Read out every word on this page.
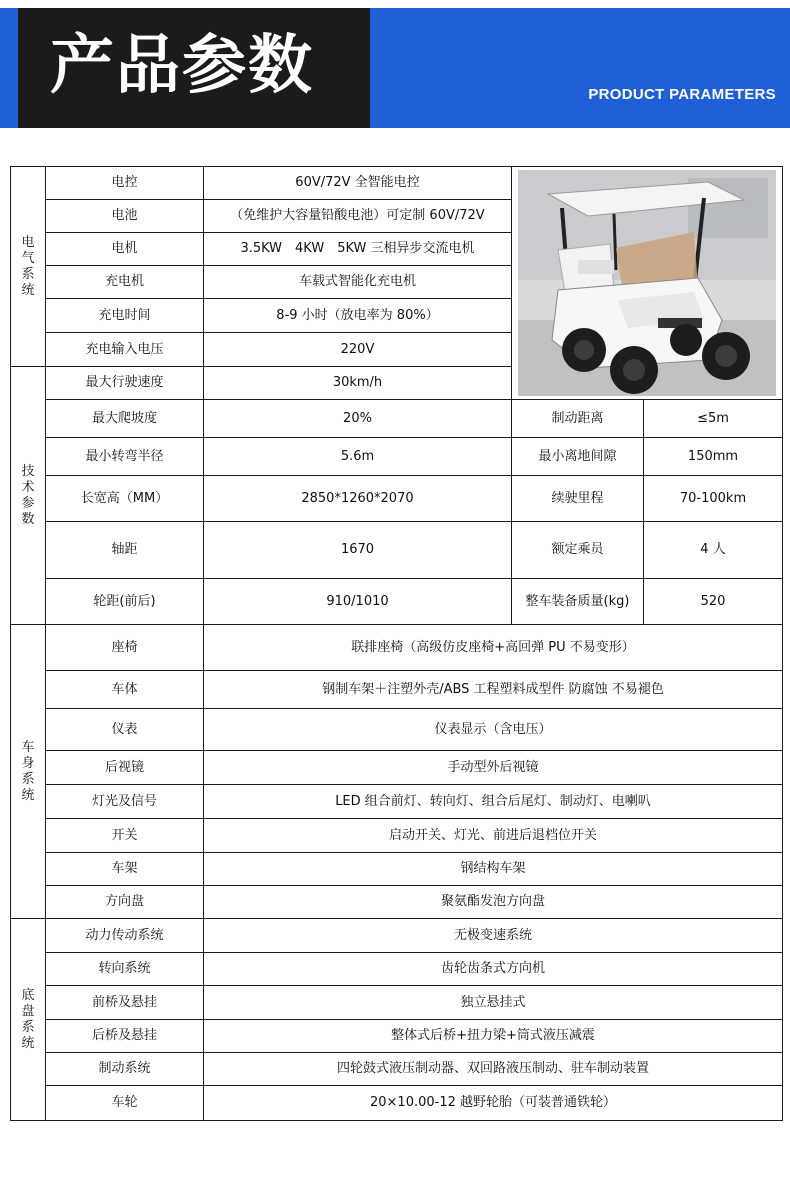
产品参数	PRODUCT PARAMETERS
电
气
系
统	电控	60V/72V 全智能电控	

	电池	（免维护大容量铅酸电池）可定制 60V/72V		
	电机	3.5KW　4KW　5KW 三相异步交流电机		
	充电机	车载式智能化充电机		
	充电时间	8-9 小时（放电率为 80%）		
	充电输入电压	220V		

技
术
参
数	最大行驶速度	30km/h		
	最大爬坡度	20%	制动距离	≤5m
	最小转弯半径	5.6m	最小离地间隙	150mm
	长宽高（MM）	2850*1260*2070	续驶里程	70-100km
	轴距	1670	额定乘员	4 人
	轮距(前后)	910/1010	整车装备质量(kg)	520

车
身
系
统	座椅	联排座椅（高级仿皮座椅+高回弹 PU 不易变形）		
	车体	钢制车架＋注塑外壳/ABS 工程塑料成型件 防腐蚀 不易褪色		
	仪表	仪表显示（含电压）		
	后视镜	手动型外后视镜		
	灯光及信号	LED 组合前灯、转向灯、组合后尾灯、制动灯、电喇叭		
	开关	启动开关、灯光、前进后退档位开关		
	车架	钢结构车架		
	方向盘	聚氨酯发泡方向盘		

底
盘
系
统	动力传动系统	无极变速系统		
	转向系统	齿轮齿条式方向机		
	前桥及悬挂	独立悬挂式		
	后桥及悬挂	整体式后桥+扭力梁+筒式液压减震		
	制动系统	四轮鼓式液压制动器、双回路液压制动、驻车制动装置		
	车轮	20×10.00-12 越野轮胎（可装普通铁轮）		
